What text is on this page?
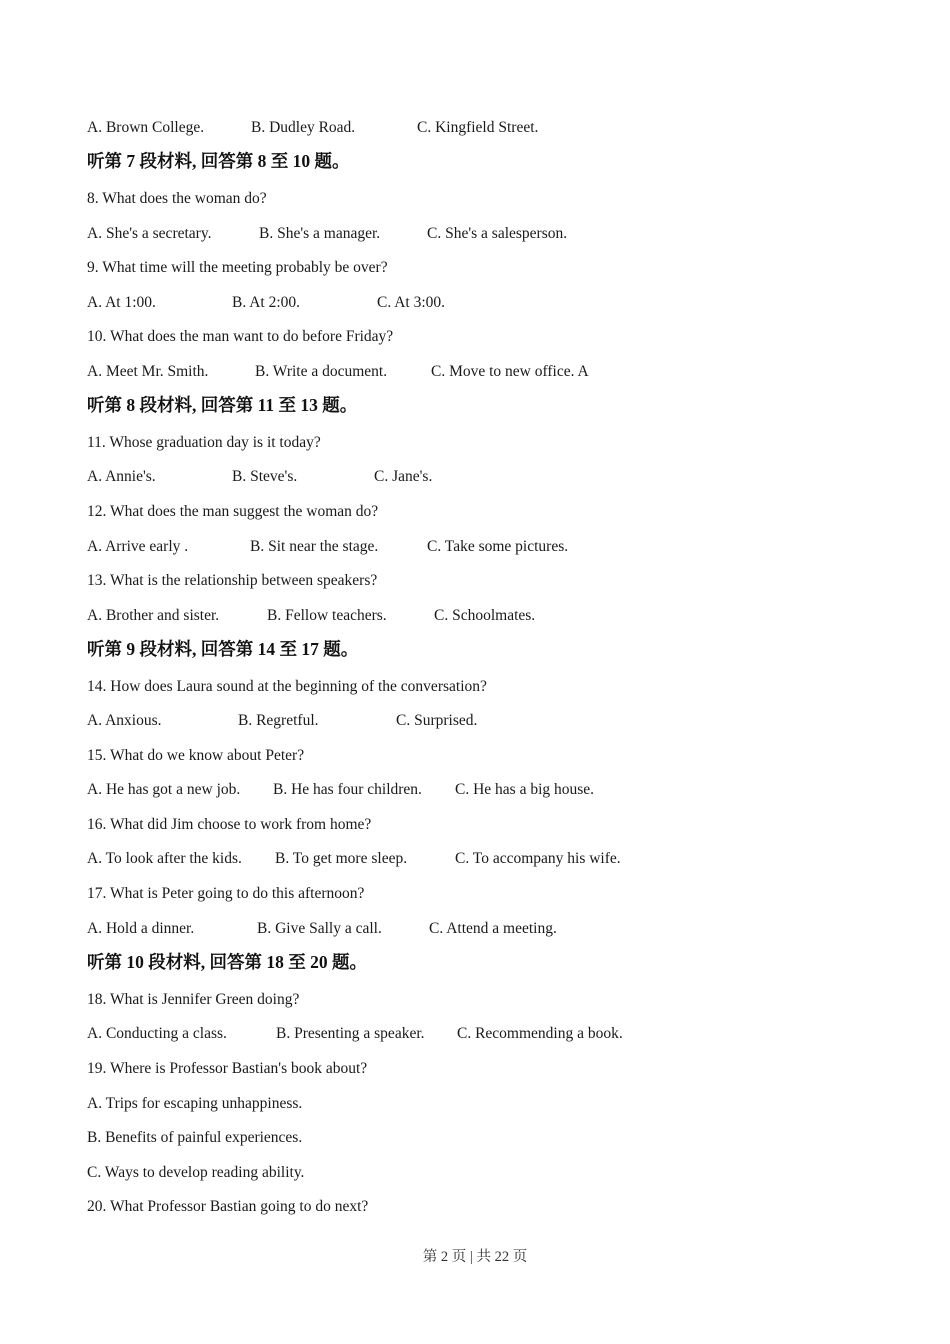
A. Brown College.	B. Dudley Road.	C. Kingfield Street.
听第 7 段材料, 回答第 8 至 10 题。
8. What does the woman do?
A. She's a secretary.	B. She's a manager.	C. She's a salesperson.
9. What time will the meeting probably be over?
A. At 1:00.	B. At 2:00.	C. At 3:00.
10. What does the man want to do before Friday?
A. Meet Mr. Smith.	B. Write a document.	C. Move to new office. A
听第 8 段材料, 回答第 11 至 13 题。
11. Whose graduation day is it today?
A. Annie's.	B. Steve's.	C. Jane's.
12. What does the man suggest the woman do?
A. Arrive early .	B. Sit near the stage.	C. Take some pictures.
13. What is the relationship between speakers?
A. Brother and sister.	B. Fellow teachers.	C. Schoolmates.
听第 9 段材料, 回答第 14 至 17 题。
14. How does Laura sound at the beginning of the conversation?
A. Anxious.	B. Regretful.	C. Surprised.
15. What do we know about Peter?
A. He has got a new job. B. He has four children. C. He has a big house.
16. What did Jim choose to work from home?
A. To look after the kids. B. To get more sleep.	C. To accompany his wife.
17. What is Peter going to do this afternoon?
A. Hold a dinner.	B. Give Sally a call.	C. Attend a meeting.
听第 10 段材料, 回答第 18 至 20 题。
18. What is Jennifer Green doing?
A. Conducting a class.	B. Presenting a speaker. C. Recommending a book.
19. Where is Professor Bastian's book about?
A. Trips for escaping unhappiness.
B. Benefits of painful experiences.
C. Ways to develop reading ability.
20. What Professor Bastian going to do next?
第 2 页 | 共 22 页
